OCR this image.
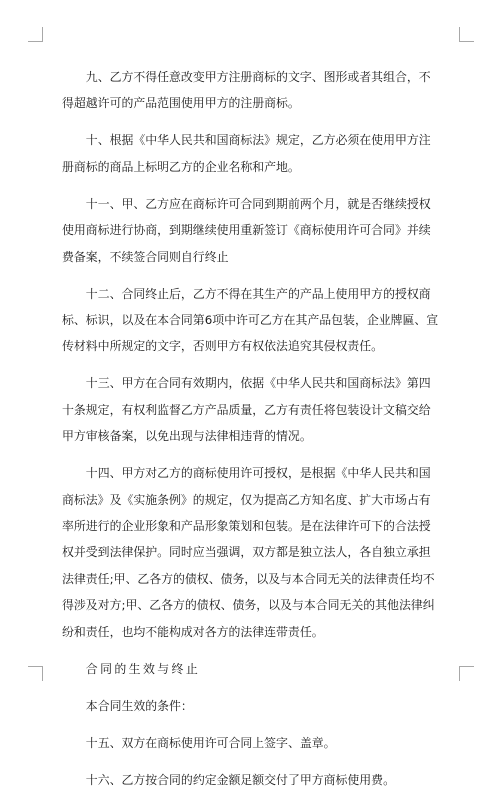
九、乙方不得任意改变甲方注册商标的文字、图形或者其组合，不得超越许可的产品范围使用甲方的注册商标。

十、根据《中华人民共和国商标法》规定，乙方必须在使用甲方注册商标的商品上标明乙方的企业名称和产地。

十一、甲、乙方应在商标许可合同到期前两个月，就是否继续授权使用商标进行协商，到期继续使用重新签订《商标使用许可合同》并续费备案，不续签合同则自行终止

十二、合同终止后，乙方不得在其生产的产品上使用甲方的授权商标、标识，以及在本合同第6项中许可乙方在其产品包装，企业牌匾、宣传材料中所规定的文字，否则甲方有权依法追究其侵权责任。

十三、甲方在合同有效期内，依据《中华人民共和国商标法》第四十条规定，有权利监督乙方产品质量，乙方有责任将包装设计文稿交给甲方审核备案，以免出现与法律相违背的情况。

十四、甲方对乙方的商标使用许可授权，是根据《中华人民共和国商标法》及《实施条例》的规定，仅为提高乙方知名度、扩大市场占有率所进行的企业形象和产品形象策划和包装。是在法律许可下的合法授权并受到法律保护。同时应当强调，双方都是独立法人，各自独立承担法律责任;甲、乙各方的债权、债务，以及与本合同无关的法律责任均不得涉及对方;甲、乙各方的债权、债务，以及与本合同无关的其他法律纠纷和责任，也均不能构成对各方的法律连带责任。

合同的生效与终止

本合同生效的条件：

十五、双方在商标使用许可合同上签字、盖章。

十六、乙方按合同的约定金额足额交付了甲方商标使用费。
